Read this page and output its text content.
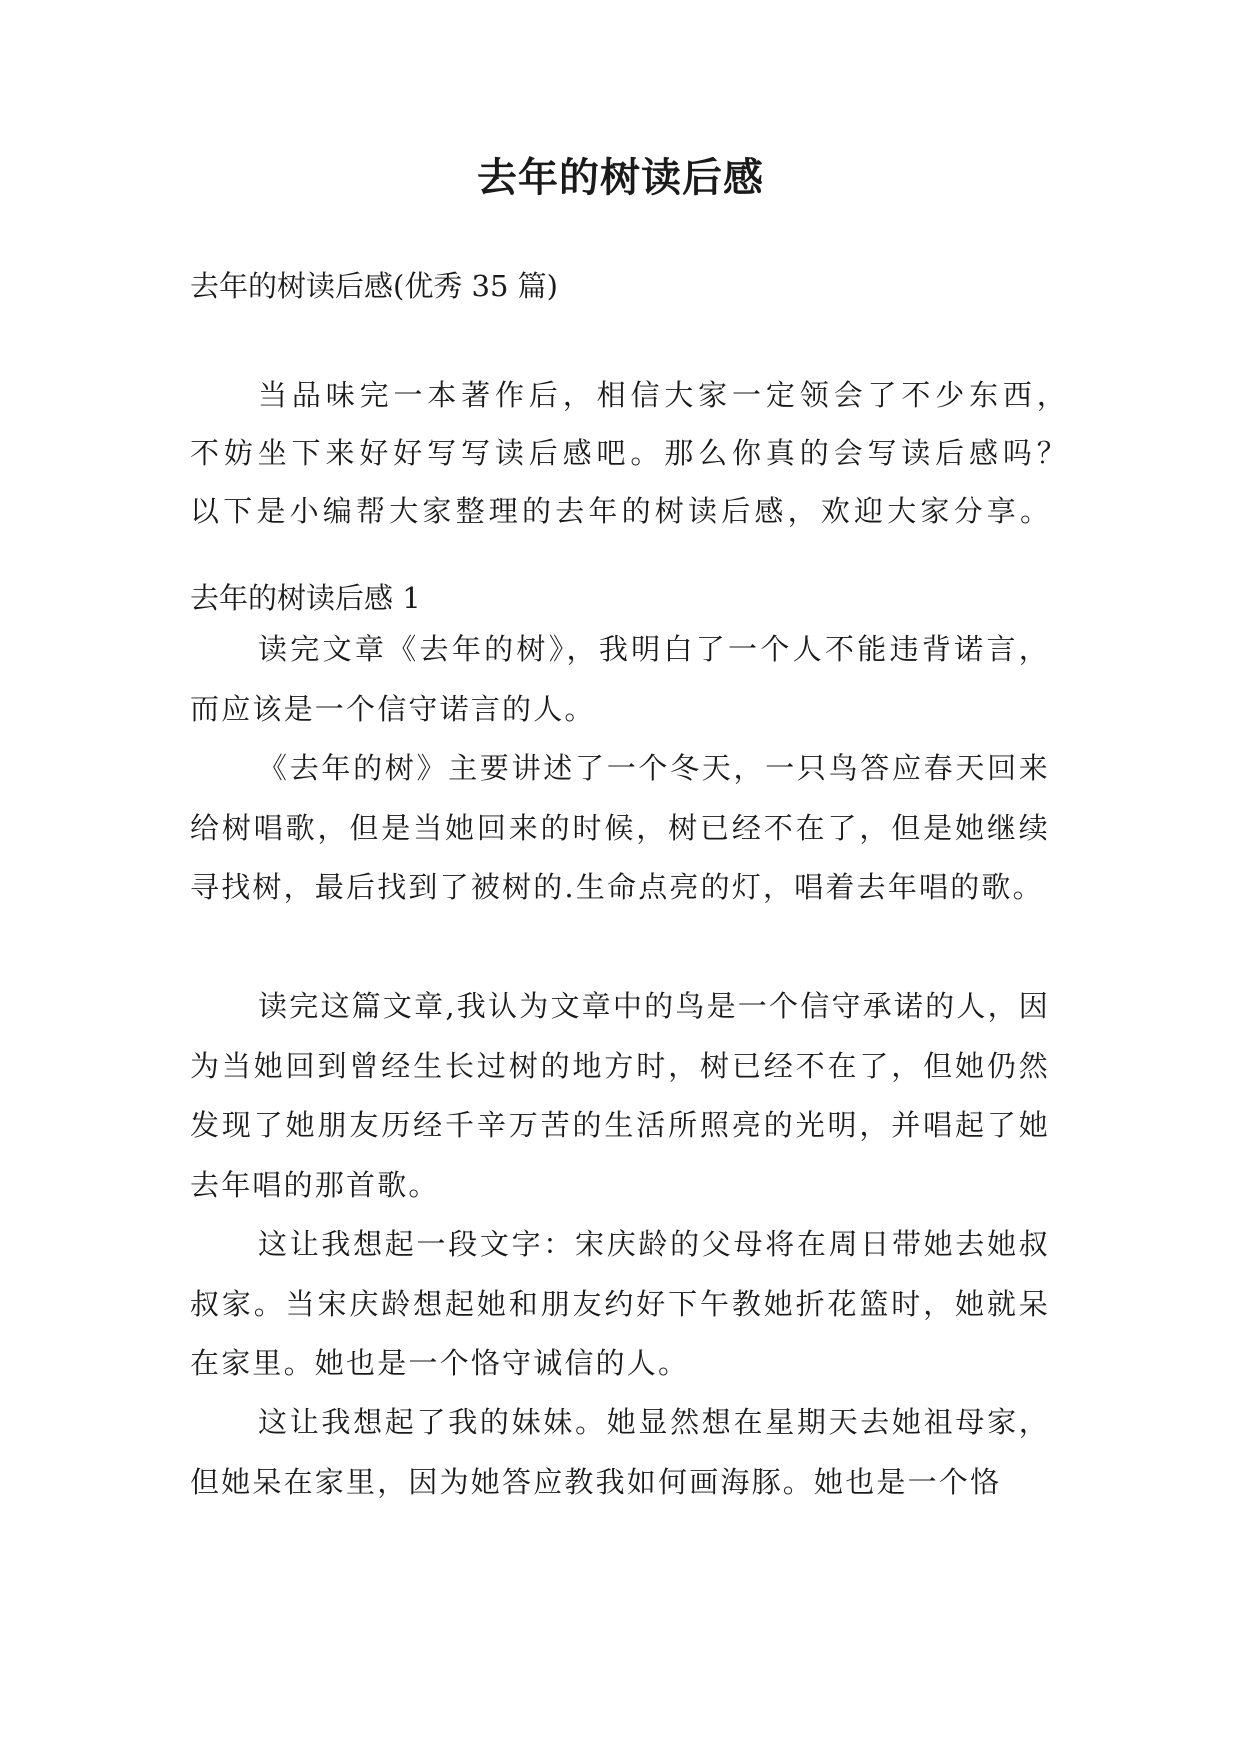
去年的树读后感
去年的树读后感(优秀 35 篇)
当品味完一本著作后，相信大家一定领会了不少东西，不妨坐下来好好写写读后感吧。那么你真的会写读后感吗？以下是小编帮大家整理的去年的树读后感，欢迎大家分享。
去年的树读后感 1
读完文章《去年的树》，我明白了一个人不能违背诺言，而应该是一个信守诺言的人。
《去年的树》主要讲述了一个冬天，一只鸟答应春天回来给树唱歌，但是当她回来的时候，树已经不在了，但是她继续寻找树，最后找到了被树的.生命点亮的灯，唱着去年唱的歌。
读完这篇文章,我认为文章中的鸟是一个信守承诺的人，因为当她回到曾经生长过树的地方时，树已经不在了，但她仍然发现了她朋友历经千辛万苦的生活所照亮的光明，并唱起了她去年唱的那首歌。
这让我想起一段文字：宋庆龄的父母将在周日带她去她叔叔家。当宋庆龄想起她和朋友约好下午教她折花篮时，她就呆在家里。她也是一个恪守诚信的人。
这让我想起了我的妹妹。她显然想在星期天去她祖母家，但她呆在家里，因为她答应教我如何画海豚。她也是一个恪
